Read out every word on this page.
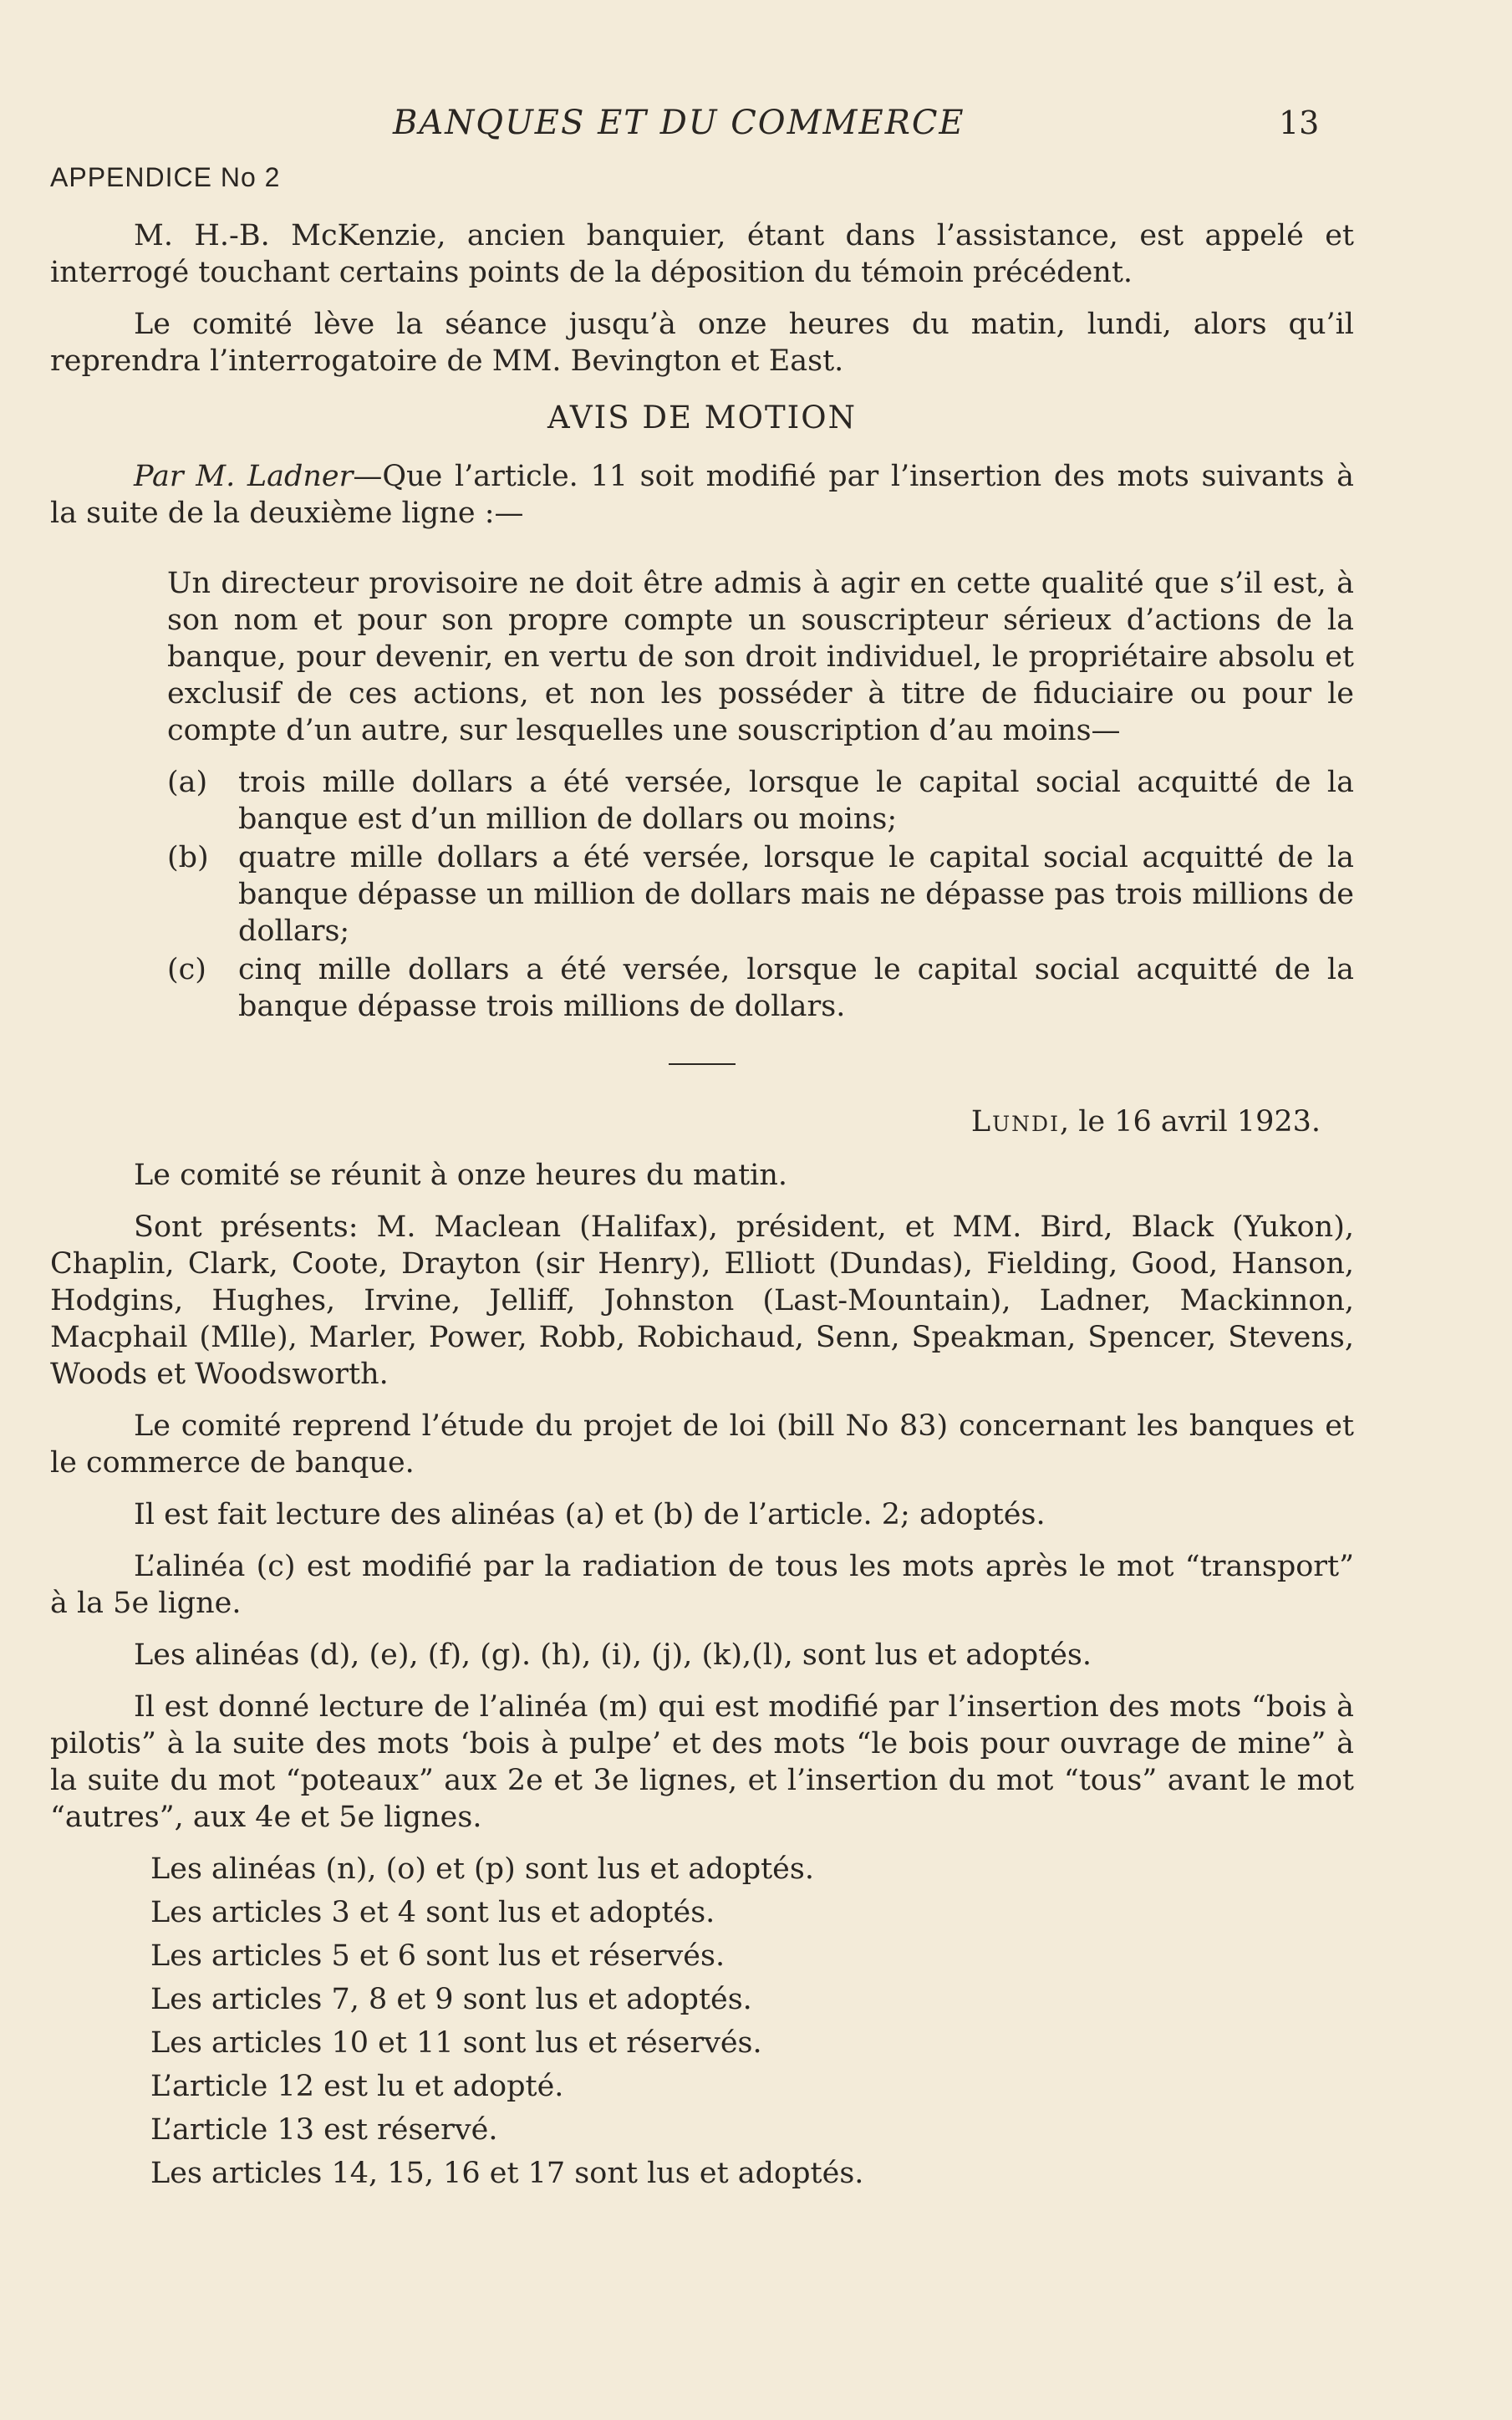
BANQUES ET DU COMMERCE	13
APPENDICE No 2

M. H.-B. McKenzie, ancien banquier, étant dans l’assistance, est appelé et interrogé touchant certains points de la déposition du témoin précédent.

Le comité lève la séance jusqu’à onze heures du matin, lundi, alors qu’il reprendra l’interrogatoire de MM. Bevington et East.

AVIS DE MOTION

Par M. Ladner—Que l’article. 11 soit modifié par l’insertion des mots suivants à la suite de la deuxième ligne :—

Un directeur provisoire ne doit être admis à agir en cette qualité que s’il est, à son nom et pour son propre compte un souscripteur sérieux d’actions de la banque, pour devenir, en vertu de son droit individuel, le propriétaire absolu et exclusif de ces actions, et non les posséder à titre de fiduciaire ou pour le compte d’un autre, sur lesquelles une souscription d’au moins—

(a)	trois mille dollars a été versée, lorsque le capital social acquitté de la banque est d’un million de dollars ou moins;
(b)	quatre mille dollars a été versée, lorsque le capital social acquitté de la banque dépasse un million de dollars mais ne dépasse pas trois millions de dollars;
(c)	cinq mille dollars a été versée, lorsque le capital social acquitté de la banque dépasse trois millions de dollars.
Lundi, le 16 avril 1923.

Le comité se réunit à onze heures du matin.

Sont présents: M. Maclean (Halifax), président, et MM. Bird, Black (Yukon), Chaplin, Clark, Coote, Drayton (sir Henry), Elliott (Dundas), Fielding, Good, Hanson, Hodgins, Hughes, Irvine, Jelliff, Johnston (Last-Mountain), Ladner, Mackinnon, Macphail (Mlle), Marler, Power, Robb, Robichaud, Senn, Speakman, Spencer, Stevens, Woods et Woodsworth.

Le comité reprend l’étude du projet de loi (bill No 83) concernant les banques et le commerce de banque.

Il est fait lecture des alinéas (a) et (b) de l’article. 2; adoptés.

L’alinéa (c) est modifié par la radiation de tous les mots après le mot “transport” à la 5e ligne.

Les alinéas (d), (e), (f), (g). (h), (i), (j), (k),(l), sont lus et adoptés.

Il est donné lecture de l’alinéa (m) qui est modifié par l’insertion des mots “bois à pilotis” à la suite des mots ‘bois à pulpe’ et des mots “le bois pour ouvrage de mine” à la suite du mot “poteaux” aux 2e et 3e lignes, et l’insertion du mot “tous” avant le mot “autres”, aux 4e et 5e lignes.

Les alinéas (n), (o) et (p) sont lus et adoptés.
Les articles 3 et 4 sont lus et adoptés.
Les articles 5 et 6 sont lus et réservés.
Les articles 7, 8 et 9 sont lus et adoptés.
Les articles 10 et 11 sont lus et réservés.
L’article 12 est lu et adopté.
L’article 13 est réservé.
Les articles 14, 15, 16 et 17 sont lus et adoptés.
